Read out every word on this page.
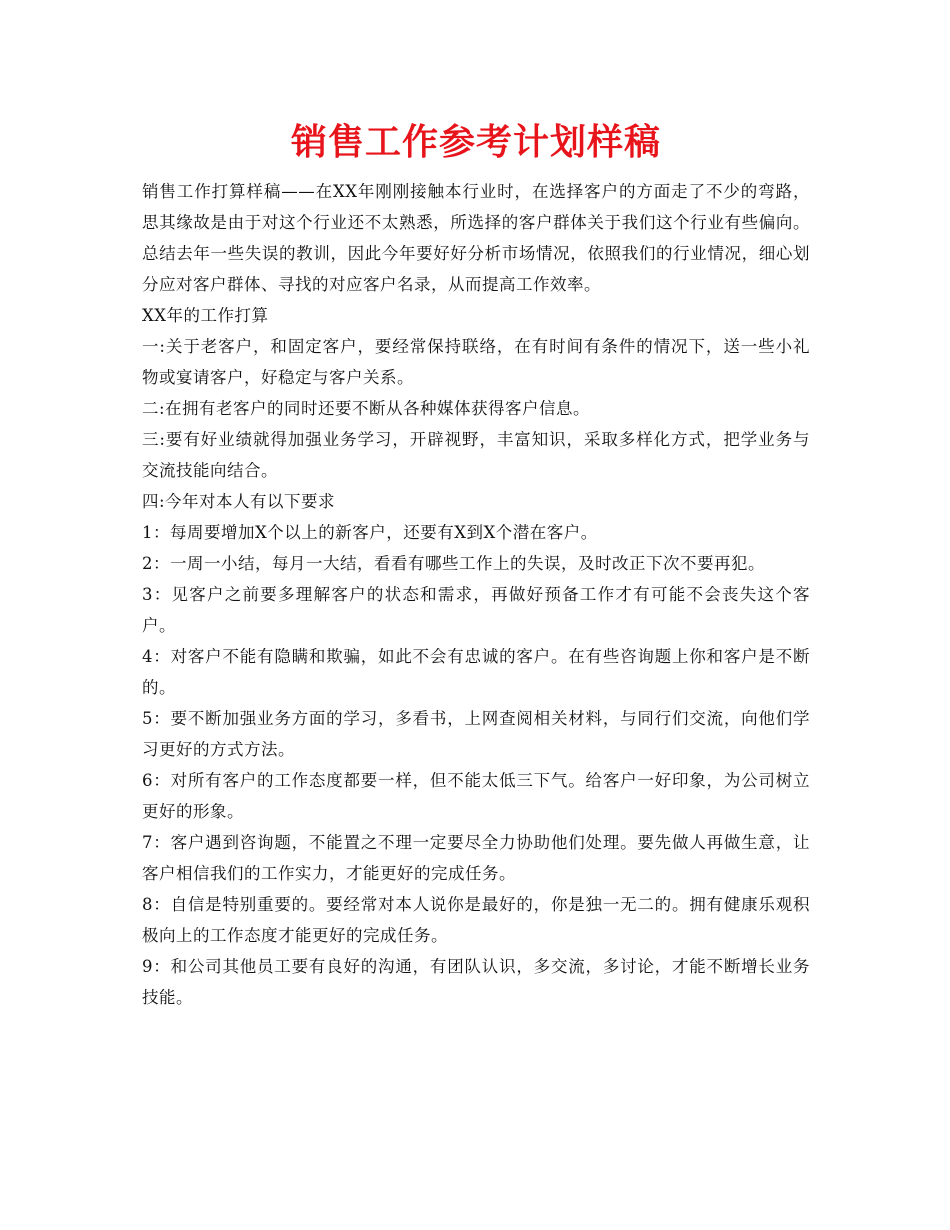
销售工作参考计划样稿

销售工作打算样稿——在XX年刚刚接触本行业时，在选择客户的方面走了不少的弯路，思其缘故是由于对这个行业还不太熟悉，所选择的客户群体关于我们这个行业有些偏向。总结去年一些失误的教训，因此今年要好好分析市场情况，依照我们的行业情况，细心划分应对客户群体、寻找的对应客户名录，从而提高工作效率。

XX年的工作打算

一:关于老客户，和固定客户，要经常保持联络，在有时间有条件的情况下，送一些小礼物或宴请客户，好稳定与客户关系。

二:在拥有老客户的同时还要不断从各种媒体获得客户信息。

三:要有好业绩就得加强业务学习，开辟视野，丰富知识，采取多样化方式，把学业务与交流技能向结合。

四:今年对本人有以下要求

1：每周要增加X个以上的新客户，还要有X到X个潜在客户。

2：一周一小结，每月一大结，看看有哪些工作上的失误，及时改正下次不要再犯。

3：见客户之前要多理解客户的状态和需求，再做好预备工作才有可能不会丧失这个客户。

4：对客户不能有隐瞒和欺骗，如此不会有忠诚的客户。在有些咨询题上你和客户是不断的。

5：要不断加强业务方面的学习，多看书，上网查阅相关材料，与同行们交流，向他们学习更好的方式方法。

6：对所有客户的工作态度都要一样，但不能太低三下气。给客户一好印象，为公司树立更好的形象。

7：客户遇到咨询题，不能置之不理一定要尽全力协助他们处理。要先做人再做生意，让客户相信我们的工作实力，才能更好的完成任务。

8：自信是特别重要的。要经常对本人说你是最好的，你是独一无二的。拥有健康乐观积极向上的工作态度才能更好的完成任务。

9：和公司其他员工要有良好的沟通，有团队认识，多交流，多讨论，才能不断增长业务技能。
